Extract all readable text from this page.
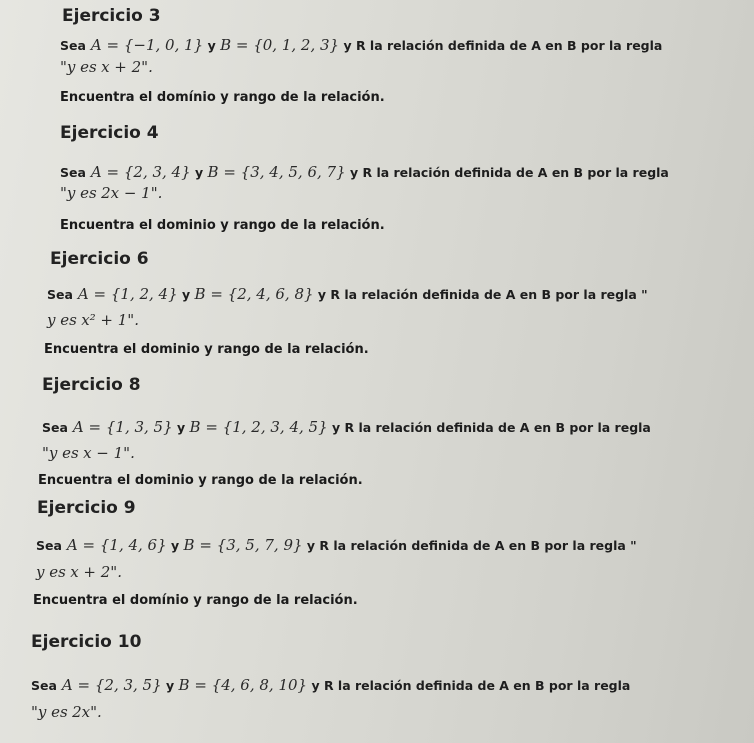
Ejercicio 3
Sea A = {−1, 0, 1} y B = {0, 1, 2, 3} y R la relación definida de A en B por la regla
"y es x + 2".
Encuentra el domínio y rango de la relación.
Ejercicio 4
Sea A = {2, 3, 4} y B = {3, 4, 5, 6, 7} y R la relación definida de A en B por la regla
"y es 2x − 1".
Encuentra el dominio y rango de la relación.
Ejercicio 6
Sea A = {1, 2, 4} y B = {2, 4, 6, 8} y R la relación definida de A en B por la regla "
y es x² + 1".
Encuentra el dominio y rango de la relación.
Ejercicio 8
Sea A = {1, 3, 5} y B = {1, 2, 3, 4, 5} y R la relación definida de A en B por la regla
"y es x − 1".
Encuentra el dominio y rango de la relación.
Ejercicio 9
Sea A = {1, 4, 6} y B = {3, 5, 7, 9} y R la relación definida de A en B por la regla "
y es x + 2".
Encuentra el domínio y rango de la relación.
Ejercicio 10
Sea A = {2, 3, 5} y B = {4, 6, 8, 10} y R la relación definida de A en B por la regla
"y es 2x".
